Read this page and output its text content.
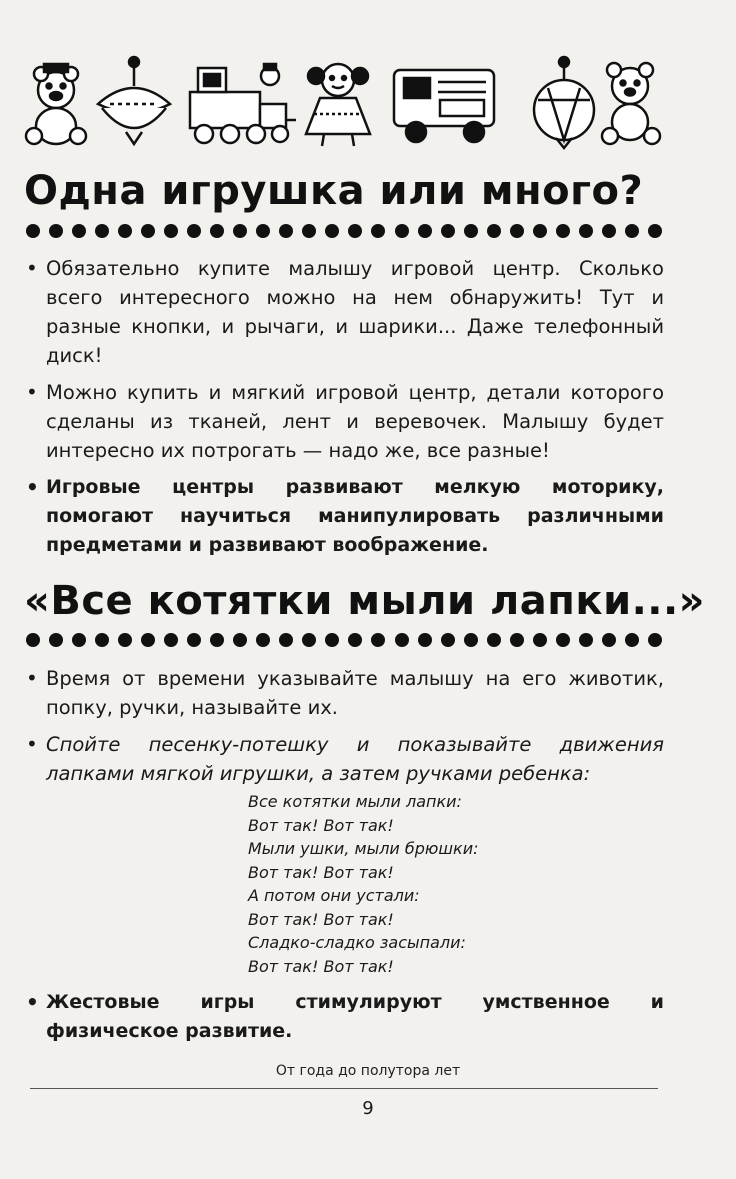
Одна игрушка или много?

• Обязательно купите малышу игровой центр. Сколько всего интересного можно на нем обнаружить! Тут и разные кнопки, и рычаги, и шарики... Даже телефонный диск!

• Можно купить и мягкий игровой центр, детали которого сделаны из тканей, лент и веревочек. Малышу будет интересно их потрогать — надо же, все разные!

• Игровые центры развивают мелкую моторику, помогают научиться манипулировать различными предметами и развивают воображение.

«Все котятки мыли лапки...»

• Время от времени указывайте малышу на его животик, попку, ручки, называйте их.

• Спойте песенку-потешку и показывайте движения лапками мягкой игрушки, а затем ручками ребенка:

Все котятки мыли лапки:
Вот так! Вот так!
Мыли ушки, мыли брюшки:
Вот так! Вот так!
А потом они устали:
Вот так! Вот так!
Сладко-сладко засыпали:
Вот так! Вот так!

• Жестовые игры стимулируют умственное и физическое развитие.

От года до полутора лет
9
